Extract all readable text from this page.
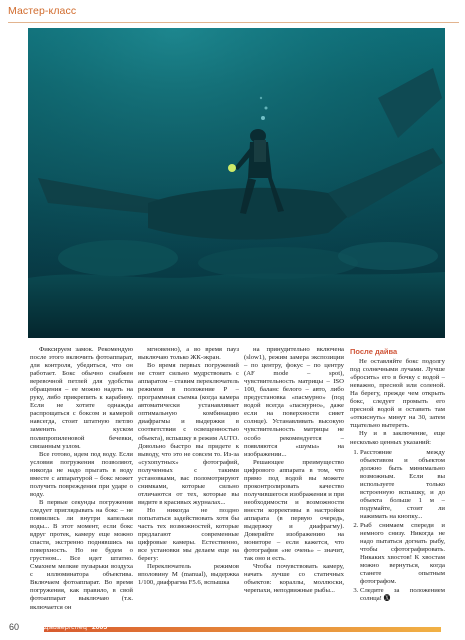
Мастер-класс

Фиксируем замок. Рекомендую после этого включить фотоаппарат, для контроля, убедиться, что он работает. Бокс обычно снабжен веревочной петлей для удобства обращения – ее можно надеть на руку, либо прикрепить к карабину. Если не хотите однажды распрощаться с боксом и камерой навсегда, стоит штатную петлю заменить куском полипропиленовой бечевки, связанным узлом.

Все готово, идем под воду. Если условия погружения позволяют, никогда не надо прыгать в воду вместе с аппаратурой – бокс может получить повреждения при ударе о воду.

В первые секунды погружения следует приглядывать на бокс – не появились ли внутри капельки воды... В этот момент, если бокс вдруг протек, камеру еще можно спасти, экстренно поднявшись на поверхность. Но не будем о грустном... Все идет штатно. Смахнем мелкие пузырьки воздуха с иллюминатора объектива. Включаем фотоаппарат. Во время погружения, как правило, в свой фотоаппарат выключаю (т.к. включается он

мгновенно), а во время пауз выключаю только ЖК-экран.

Во время первых погружений не стоит сильно мудрствовать с аппаратом – ставим переключатель режимов в положение P – программная съемка (когда камера автоматически устанавливает оптимальную комбинацию диафрагмы и выдержки в соответствии с освещенностью объекта), вспышку в режим AUTO. Довольно быстро вы придете к выводу, что это не совсем то. Из-за «сухопутных» фотографий, полученных с такими установками, вас поломотрируют снимками, которые сильно отличаются от тех, которые вы видите в красивых журналах...

Но никогда не поздно попытаться задействовать хотя бы часть тех возможностей, которые предлагают современные цифровые камеры. Естественно, все установки мы делаем еще на берегу:

Переключатель режимов вполовину М (manual), выдержка 1/100, диафрагма F5.6, вспышка

на принудительно включена (slow1), режим замера экспозиции – по центру, фокус – по центру (AF mode – spot), чувствительность матрицы – ISO 100, баланс белого – авто, либо предустановка «пасмурно» (под водой всегда «пасмурно», даже если на поверхности сияет солнце). Устанавливать высокую чувствительность матрицы не особо рекомендуется – появляются «шумы» на изображении...

Решающее преимущество цифрового аппарата в том, что прямо под водой вы можете проконтролировать качество получившегося изображения и при необходимости и возможности внести коррективы в настройки аппарата (в первую очередь, выдержку и диафрагму). Доверяйте изображению на мониторе – если кажется, что фотография «не очень» – значит, так оно и есть.

Чтобы почувствовать камеру, начать лучше со статичных объектов: кораллы, моллюски, черепахи, неподвижные рыбы...

После дайва

Не оставляйте бокс подолгу под солнечными лучами. Лучше «бросить» его в бочку с водой – неважно, пресной или соленой. На берегу, прежде чем открыть бокс, следует промыть его пресной водой и оставить там «откиснуть» минут на 30, затем тщательно вытереть.

Ну и в заключение, еще несколько ценных указаний:

1. Расстояние между объективом и объектом должно быть минимально возможным. Если вы используете только встроенную вспышку, и до объекта больше 1 м – подумайте, стоит ли нажимать на кнопку...
2. Рыб снимаем спереди и немного снизу. Никогда не надо пытаться догнать рыбу, чтобы сфотографировать. Никаких хвостов! К хвостам можно вернуться, когда станете опытным фотографом.
3. Следите за положением солнца! 🅧
60	Дайвер/спец 2005
